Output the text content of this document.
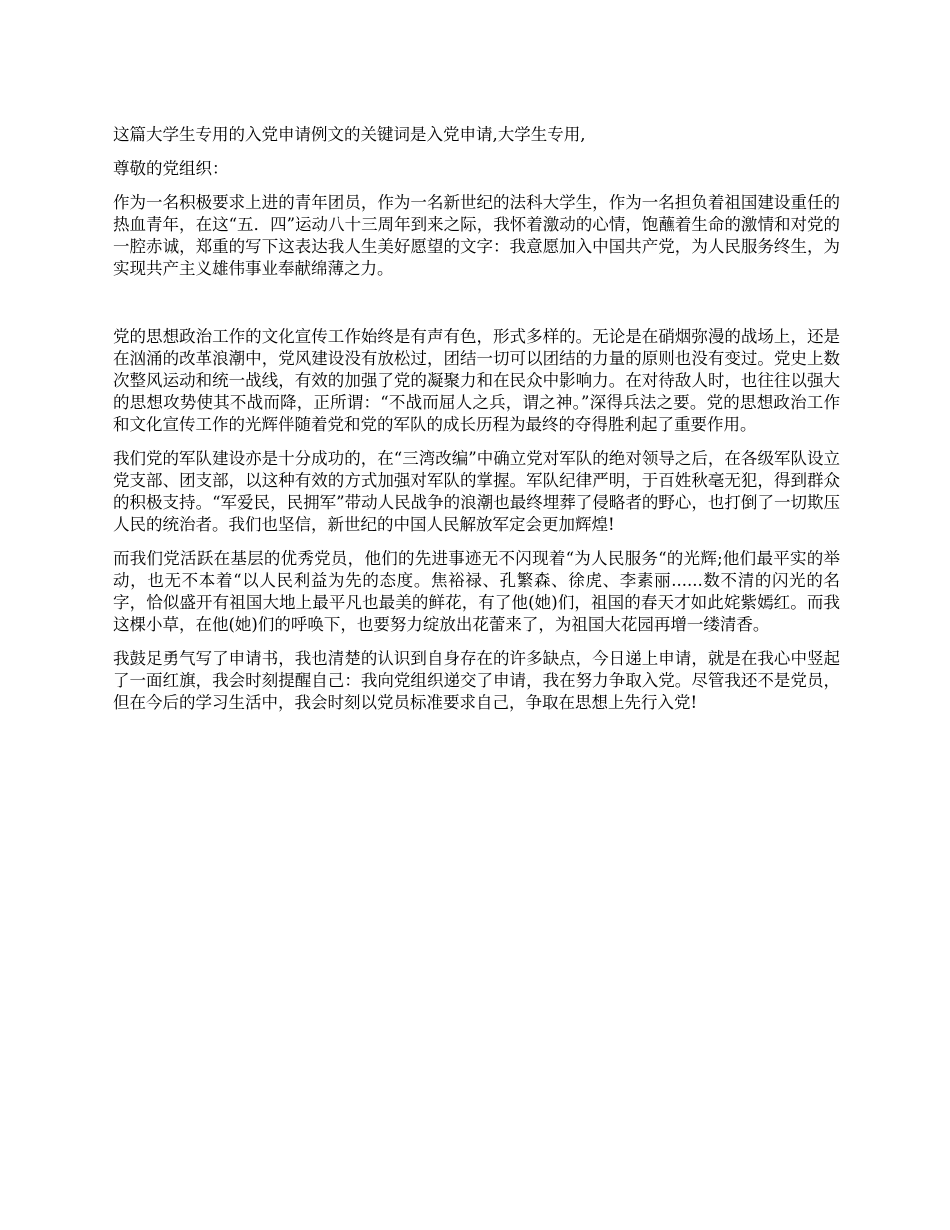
这篇大学生专用的入党申请例文的关键词是入党申请,大学生专用,

尊敬的党组织：

作为一名积极要求上进的青年团员，作为一名新世纪的法科大学生，作为一名担负着祖国建设重任的热血青年，在这“五．四”运动八十三周年到来之际，我怀着激动的心情，饱蘸着生命的激情和对党的一腔赤诚，郑重的写下这表达我人生美好愿望的文字：我意愿加入中国共产党，为人民服务终生，为实现共产主义雄伟事业奉献绵薄之力。

党的思想政治工作的文化宣传工作始终是有声有色，形式多样的。无论是在硝烟弥漫的战场上，还是在汹涌的改革浪潮中，党风建设没有放松过，团结一切可以团结的力量的原则也没有变过。党史上数次整风运动和统一战线，有效的加强了党的凝聚力和在民众中影响力。在对待敌人时，也往往以强大的思想攻势使其不战而降，正所谓：“不战而屈人之兵，谓之神。”深得兵法之要。党的思想政治工作和文化宣传工作的光辉伴随着党和党的军队的成长历程为最终的夺得胜利起了重要作用。

我们党的军队建设亦是十分成功的，在“三湾改编”中确立党对军队的绝对领导之后，在各级军队设立党支部、团支部，以这种有效的方式加强对军队的掌握。军队纪律严明，于百姓秋毫无犯，得到群众的积极支持。“军爱民，民拥军”带动人民战争的浪潮也最终埋葬了侵略者的野心，也打倒了一切欺压人民的统治者。我们也坚信，新世纪的中国人民解放军定会更加辉煌!

而我们党活跃在基层的优秀党员，他们的先进事迹无不闪现着“为人民服务“的光辉;他们最平实的举动，也无不本着“以人民利益为先的态度。焦裕禄、孔繁森、徐虎、李素丽......数不清的闪光的名字，恰似盛开有祖国大地上最平凡也最美的鲜花，有了他(她)们，祖国的春天才如此姹紫嫣红。而我这棵小草，在他(她)们的呼唤下，也要努力绽放出花蕾来了，为祖国大花园再增一缕清香。

我鼓足勇气写了申请书，我也清楚的认识到自身存在的许多缺点，今日递上申请，就是在我心中竖起了一面红旗，我会时刻提醒自己：我向党组织递交了申请，我在努力争取入党。尽管我还不是党员，但在今后的学习生活中，我会时刻以党员标准要求自己，争取在思想上先行入党!
